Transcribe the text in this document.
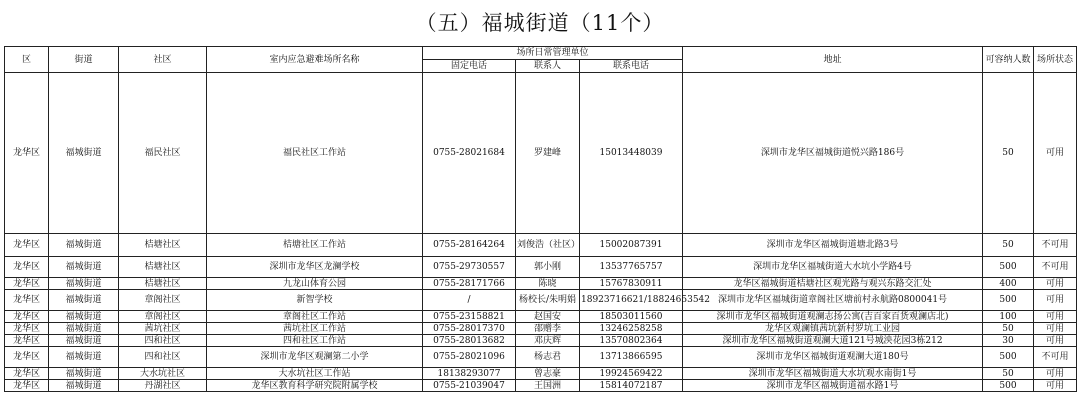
（五）福城街道（11个）
区	街道	社区	室内应急避难场所名称	场所日常管理单位			地址	可容纳人数	场所状态
				固定电话	联系人	联系电话			
龙华区	福城街道	福民社区	福民社区工作站	0755-28021684	罗建峰	15013448039	深圳市龙华区福城街道悦兴路186号	50	可用
龙华区	福城街道	桔塘社区	桔塘社区工作站	0755-28164264	刘俊浩（社区）	15002087391	深圳市龙华区福城街道塘北路3号	50	不可用
龙华区	福城街道	桔塘社区	深圳市龙华区龙澜学校	0755-29730557	郭小刚	13537765757	深圳市龙华区福城街道大水坑小学路4号	500	不可用
龙华区	福城街道	桔塘社区	九龙山体育公园	0755-28171766	陈晓	15767830911	龙华区福城街道桔塘社区观光路与观兴东路交汇处	400	可用
龙华区	福城街道	章阁社区	新智学校	/	杨校长/朱明娟	18923716621/18824653542	深圳市龙华区福城街道章阁社区塘前村永航路0800041号	500	可用
龙华区	福城街道	章阁社区	章阁社区工作站	0755-23158821	赵国安	18503011560	深圳市龙华区福城街道观澜志扬公寓(吉百家百货观澜店北)	100	可用
龙华区	福城街道	茜坑社区	茜坑社区工作站	0755-28017370	邵赠李	13246258258	龙华区观澜镇茜坑新村罗坑工业园	50	可用
龙华区	福城街道	四和社区	四和社区工作站	0755-28013682	邓庆辉	13570802364	深圳市龙华区福城街道观澜大道121号城泱花园3栋212	30	可用
龙华区	福城街道	四和社区	深圳市龙华区观澜第二小学	0755-28021096	杨志君	13713866595	深圳市龙华区福城街道观澜大道180号	500	不可用
龙华区	福城街道	大水坑社区	大水坑社区工作站	18138293077	曾志豪	19924569422	深圳市龙华区福城街道大水坑观水南街1号	50	可用
龙华区	福城街道	丹湖社区	龙华区教育科学研究院附属学校	0755-21039047	王国洲	15814072187	深圳市龙华区福城街道福水路1号	500	可用
